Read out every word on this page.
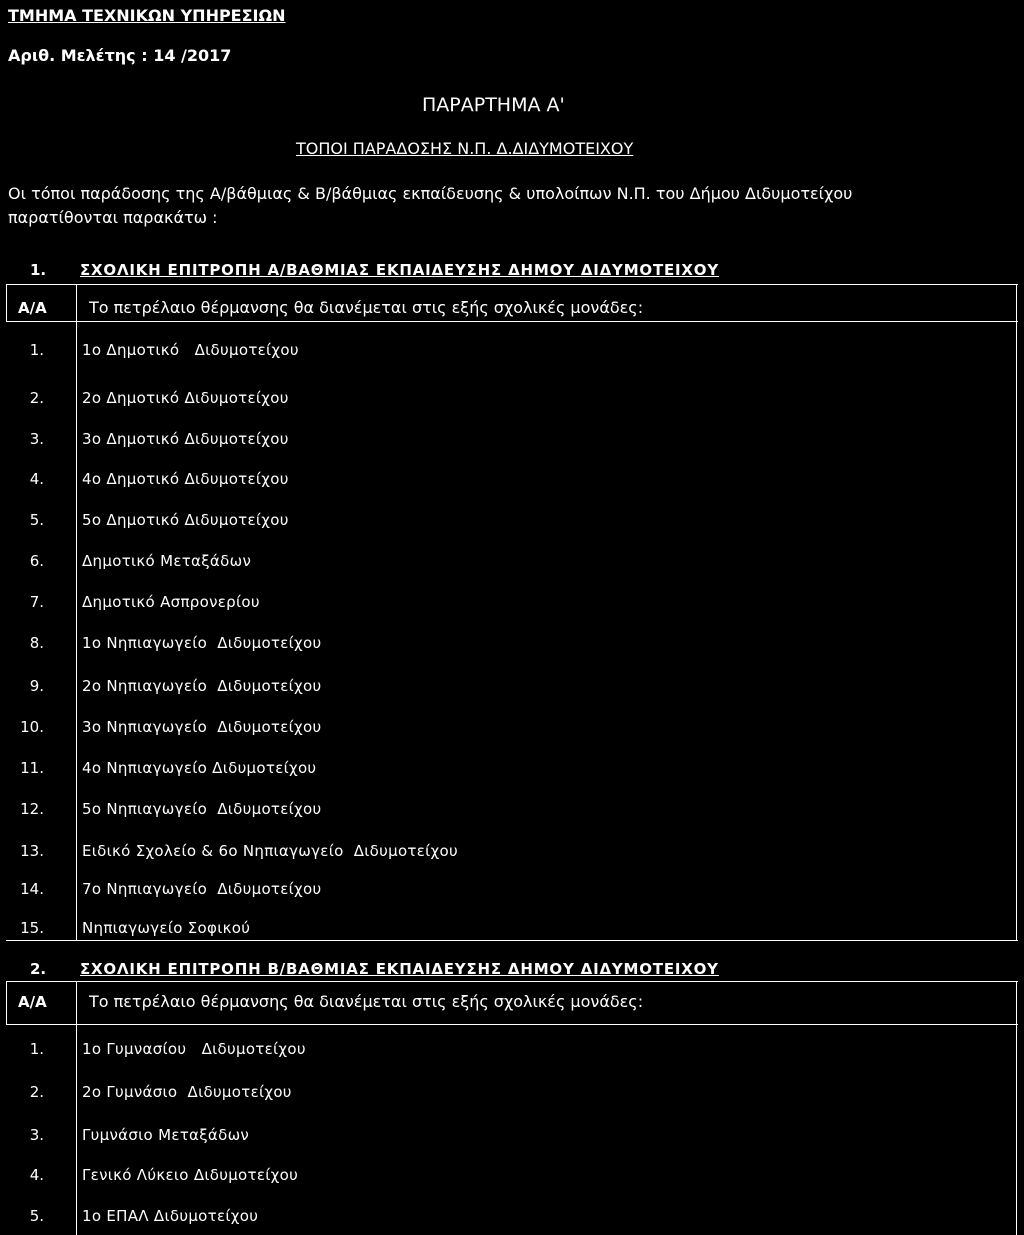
ΤΜΗΜΑ ΤΕΧΝΙΚΩΝ ΥΠΗΡΕΣΙΩΝ
Αριθ. Μελέτης : 14 /2017
ΠΑΡΑΡΤΗΜΑ Α'
ΤΟΠΟΙ ΠΑΡΑΔΟΣΗΣ Ν.Π. Δ.ΔΙΔΥΜΟΤΕΙΧΟΥ
Οι τόποι παράδοσης της Α/βάθμιας & Β/βάθμιας εκπαίδευσης & υπολοίπων Ν.Π. του Δήμου Διδυμοτείχου
παρατίθονται παρακάτω :
1. ΣΧΟΛΙΚΗ ΕΠΙΤΡΟΠΗ Α/ΒΑΘΜΙΑΣ ΕΚΠΑΙΔΕΥΣΗΣ ΔΗΜΟΥ ΔΙΔΥΜΟΤΕΙΧΟΥ
Α/Α	Το πετρέλαιο θέρμανσης θα διανέμεται στις εξής σχολικές μονάδες:
1.	1ο Δημοτικό   Διδυμοτείχου
2.	2ο Δημοτικό Διδυμοτείχου
3.	3ο Δημοτικό Διδυμοτείχου
4.	4ο Δημοτικό Διδυμοτείχου
5.	5ο Δημοτικό Διδυμοτείχου
6.	Δημοτικό Μεταξάδων
7.	Δημοτικό Ασπρονερίου
8.	1ο Νηπιαγωγείο  Διδυμοτείχου
9.	2ο Νηπιαγωγείο  Διδυμοτείχου
10.	3ο Νηπιαγωγείο  Διδυμοτείχου
11.	4ο Νηπιαγωγείο Διδυμοτείχου
12.	5ο Νηπιαγωγείο  Διδυμοτείχου
13.	Ειδικό Σχολείο & 6ο Νηπιαγωγείο  Διδυμοτείχου
14.	7ο Νηπιαγωγείο  Διδυμοτείχου
15.	Νηπιαγωγείο Σοφικού
2. ΣΧΟΛΙΚΗ ΕΠΙΤΡΟΠΗ Β/ΒΑΘΜΙΑΣ ΕΚΠΑΙΔΕΥΣΗΣ ΔΗΜΟΥ ΔΙΔΥΜΟΤΕΙΧΟΥ
Α/Α	Το πετρέλαιο θέρμανσης θα διανέμεται στις εξής σχολικές μονάδες:
1.	1ο Γυμνασίου   Διδυμοτείχου
2.	2ο Γυμνάσιο  Διδυμοτείχου
3.	Γυμνάσιο Μεταξάδων
4.	Γενικό Λύκειο Διδυμοτείχου
5.	1ο ΕΠΑΛ Διδυμοτείχου
